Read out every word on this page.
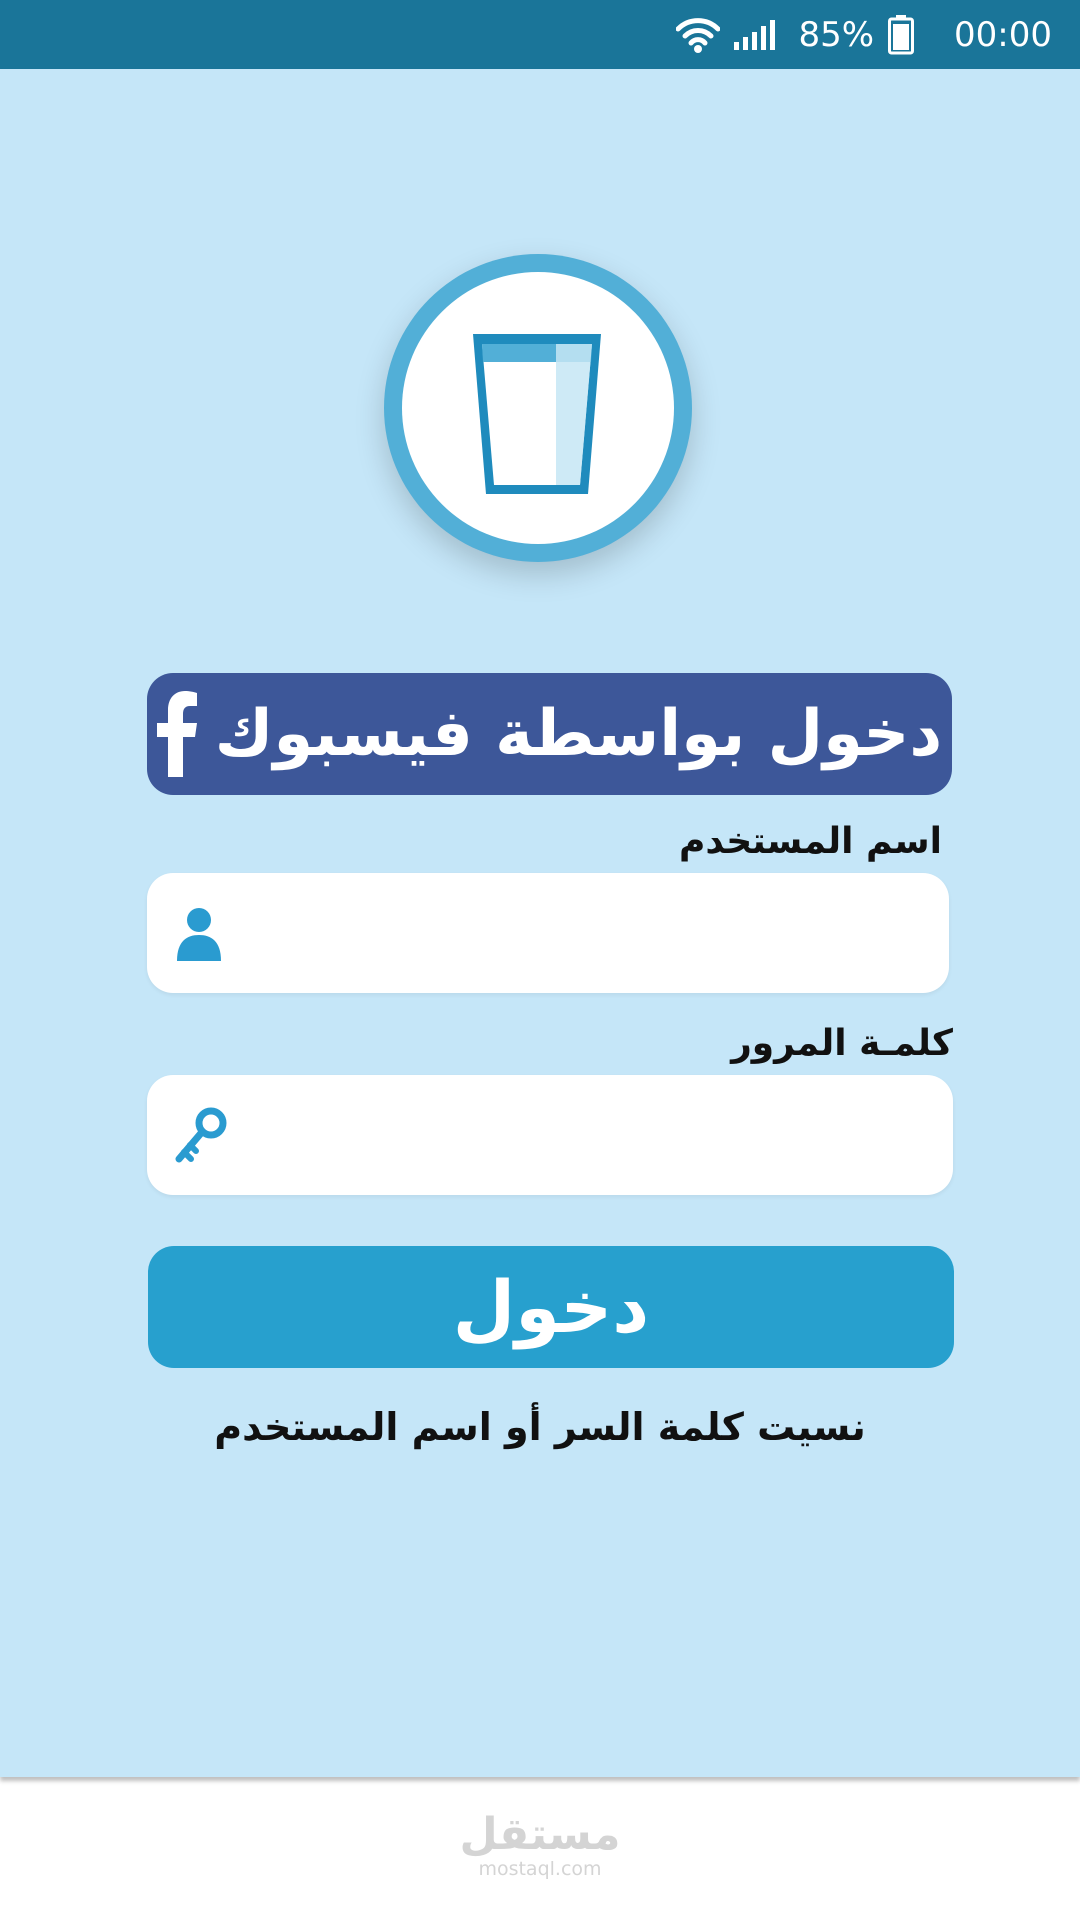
85% 00:00
دخول بواسطة فيسبوك
اسم المستخدم
كلمـة المرور
دخول
نسيت كلمة السر أو اسم المستخدم
مستقل
mostaql.com
